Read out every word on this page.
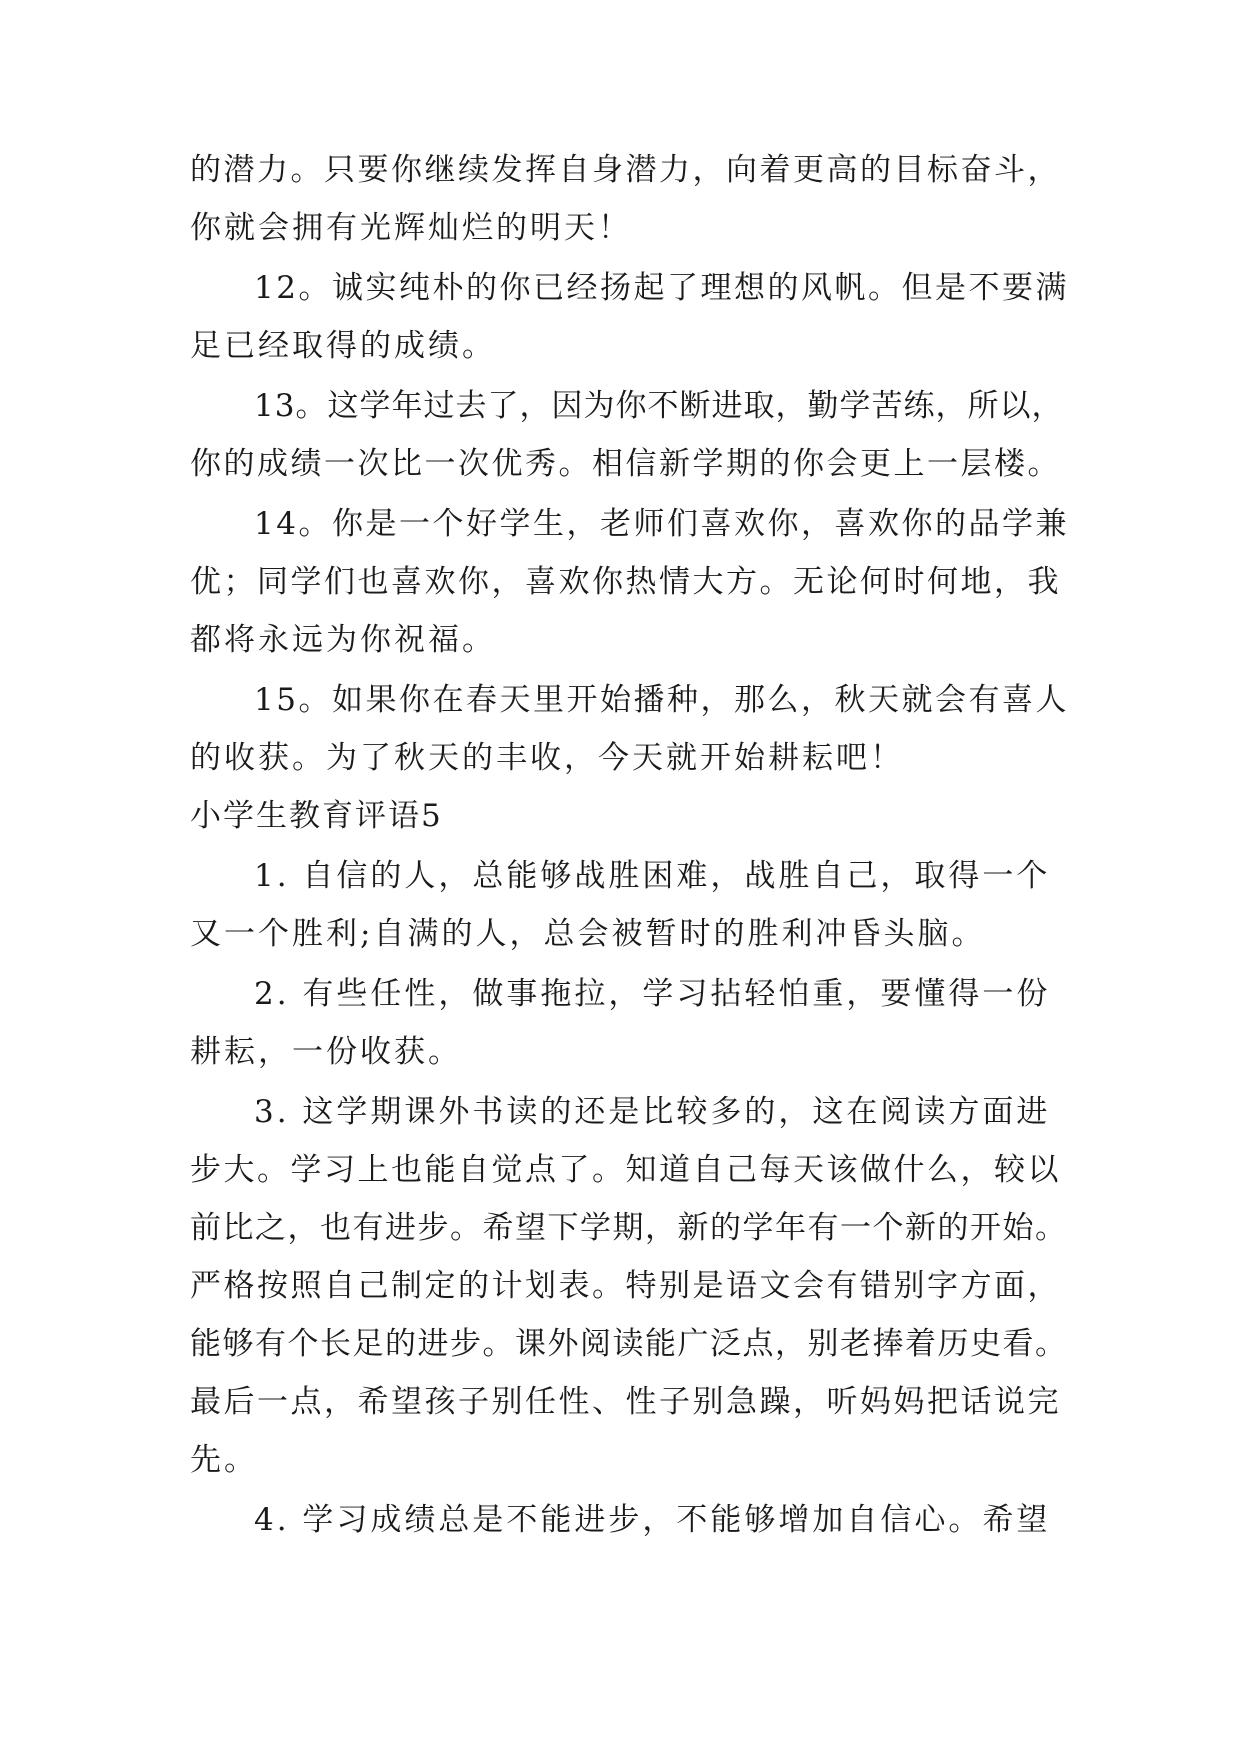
的潜力。只要你继续发挥自身潜力，向着更高的目标奋斗，
你就会拥有光辉灿烂的明天！
12。诚实纯朴的你已经扬起了理想的风帆。但是不要满
足已经取得的成绩。
13。这学年过去了，因为你不断进取，勤学苦练，所以，
你的成绩一次比一次优秀。相信新学期的你会更上一层楼。
14。你是一个好学生，老师们喜欢你，喜欢你的品学兼
优；同学们也喜欢你，喜欢你热情大方。无论何时何地，我
都将永远为你祝福。
15。如果你在春天里开始播种，那么，秋天就会有喜人
的收获。为了秋天的丰收，今天就开始耕耘吧！
小学生教育评语5
1. 自信的人，总能够战胜困难，战胜自己，取得一个
又一个胜利;自满的人，总会被暂时的胜利冲昏头脑。
2. 有些任性，做事拖拉，学习拈轻怕重，要懂得一份
耕耘，一份收获。
3. 这学期课外书读的还是比较多的，这在阅读方面进
步大。学习上也能自觉点了。知道自己每天该做什么，较以
前比之，也有进步。希望下学期，新的学年有一个新的开始。
严格按照自己制定的计划表。特别是语文会有错别字方面，
能够有个长足的进步。课外阅读能广泛点，别老捧着历史看。
最后一点，希望孩子别任性、性子别急躁，听妈妈把话说完
先。
4. 学习成绩总是不能进步，不能够增加自信心。希望
